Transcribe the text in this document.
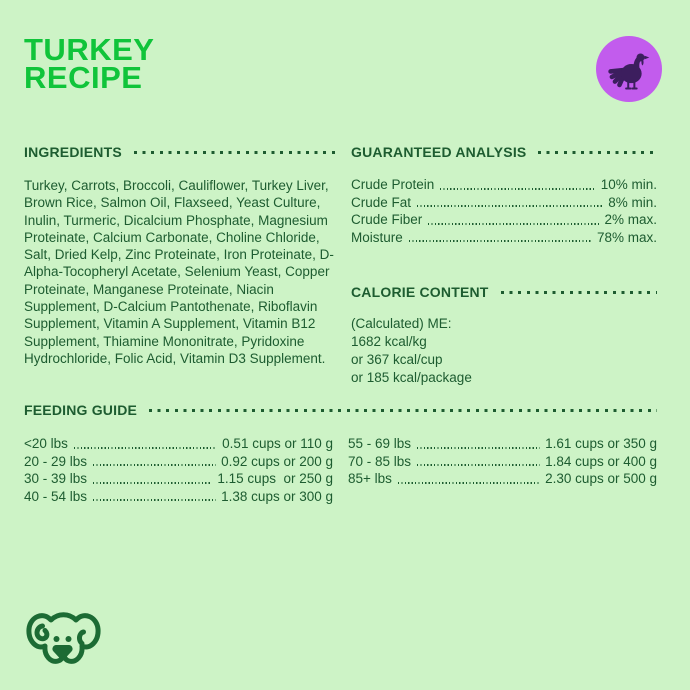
TURKEY
RECIPE
INGREDIENTS

Turkey, Carrots, Broccoli, Cauliflower, Turkey Liver, Brown Rice, Salmon Oil, Flaxseed, Yeast Culture, Inulin, Turmeric, Dicalcium Phosphate, Magnesium Proteinate, Calcium Carbonate, Choline Chloride, Salt, Dried Kelp, Zinc Proteinate, Iron Proteinate, D-Alpha-Tocopheryl Acetate, Selenium Yeast, Copper Proteinate, Manganese Proteinate, Niacin Supplement, D-Calcium Pantothenate, Riboflavin Supplement, Vitamin A Supplement, Vitamin B12 Supplement, Thiamine Mononitrate, Pyridoxine Hydrochloride, Folic Acid, Vitamin D3 Supplement.

GUARANTEED ANALYSIS
Crude Protein	10% min.
Crude Fat	8% min.
Crude Fiber	2% max.
Moisture	78% max.
CALORIE CONTENT
(Calculated) ME:
1682 kcal/kg
or 367 kcal/cup
or 185 kcal/package
FEEDING GUIDE
<20 lbs	0.51 cups or 110 g
20 - 29 lbs	0.92 cups or 200 g
30 - 39 lbs	1.15 cups  or 250 g
40 - 54 lbs	1.38 cups or 300 g
55 - 69 lbs	1.61 cups or 350 g
70 - 85 lbs	1.84 cups or 400 g
85+ lbs	2.30 cups or 500 g
